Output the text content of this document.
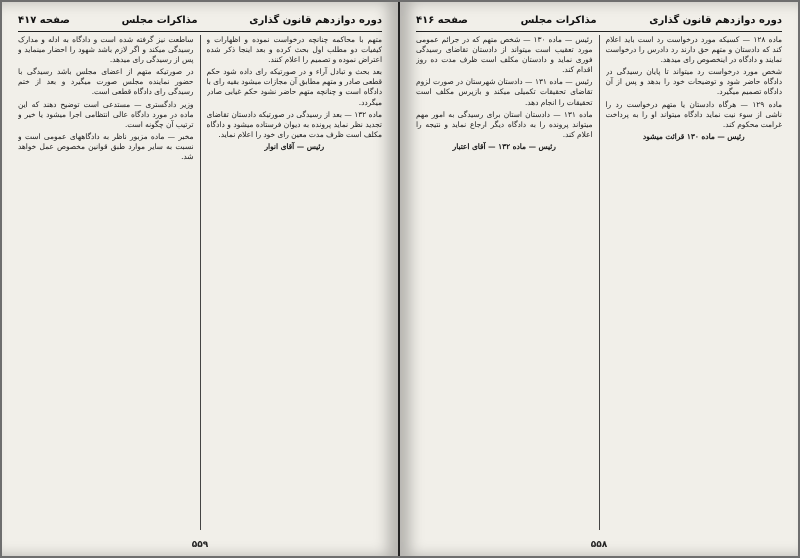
دوره دوازدهم قانون گذاری
مذاکرات مجلس
صفحه ۴۱۷

متهم با محاکمه چنانچه درخواست نموده و اظهارات و کیفیات دو مطلب اول بحث کرده و بعد اینجا ذکر شده اعتراض نموده و تصمیم را اعلام کنند.

بعد بحث و تبادل آراء و در صورتیکه رای داده شود حکم قطعی صادر و متهم مطابق آن مجازات میشود بقیه رای با دادگاه است و چنانچه متهم حاضر نشود حکم غیابی صادر میگردد.

ماده ۱۳۲ — بعد از رسیدگی در صورتیکه دادستان تقاضای تجدید نظر نماید پرونده به دیوان فرستاده میشود و دادگاه مکلف است ظرف مدت معین رای خود را اعلام نماید.

رئیس — آقای انوار

ساطعت نیز گرفته شده است و دادگاه به ادله و مدارک رسیدگی میکند و اگر لازم باشد شهود را احضار مینماید و پس از رسیدگی رای میدهد.

در صورتیکه متهم از اعضای مجلس باشد رسیدگی با حضور نماینده مجلس صورت میگیرد و بعد از ختم رسیدگی رای دادگاه قطعی است.

وزیر دادگستری — مستدعی است توضیح دهند که این ماده در مورد دادگاه عالی انتظامی اجرا میشود یا خیر و ترتیب آن چگونه است.

مخبر — ماده مزبور ناظر به دادگاههای عمومی است و نسبت به سایر موارد طبق قوانین مخصوص عمل خواهد شد.

۵۵۹
دوره دوازدهم قانون گذاری
مذاکرات مجلس
صفحه ۴۱۶

ماده ۱۲۸ — کسیکه مورد درخواست رد است باید اعلام کند که دادستان و متهم حق دارند رد دادرس را درخواست نمایند و دادگاه در اینخصوص رای میدهد.

شخص مورد درخواست رد میتواند تا پایان رسیدگی در دادگاه حاضر شود و توضیحات خود را بدهد و پس از آن دادگاه تصمیم میگیرد.

ماده ۱۲۹ — هرگاه دادستان یا متهم درخواست رد را ناشی از سوء نیت نماید دادگاه میتواند او را به پرداخت غرامت محکوم کند.

رئیس — ماده ۱۳۰ قرائت میشود

رئیس — ماده ۱۳۰ — شخص متهم که در جرائم عمومی مورد تعقیب است میتواند از دادستان تقاضای رسیدگی فوری نماید و دادستان مکلف است ظرف مدت ده روز اقدام کند.

رئیس — ماده ۱۳۱ — دادستان شهرستان در صورت لزوم تقاضای تحقیقات تکمیلی میکند و بازپرس مکلف است تحقیقات را انجام دهد.

ماده ۱۳۱ — دادستان استان برای رسیدگی به امور مهم میتواند پرونده را به دادگاه دیگر ارجاع نماید و نتیجه را اعلام کند.

رئیس — ماده ۱۳۲ — آقای اعتبار

۵۵۸
